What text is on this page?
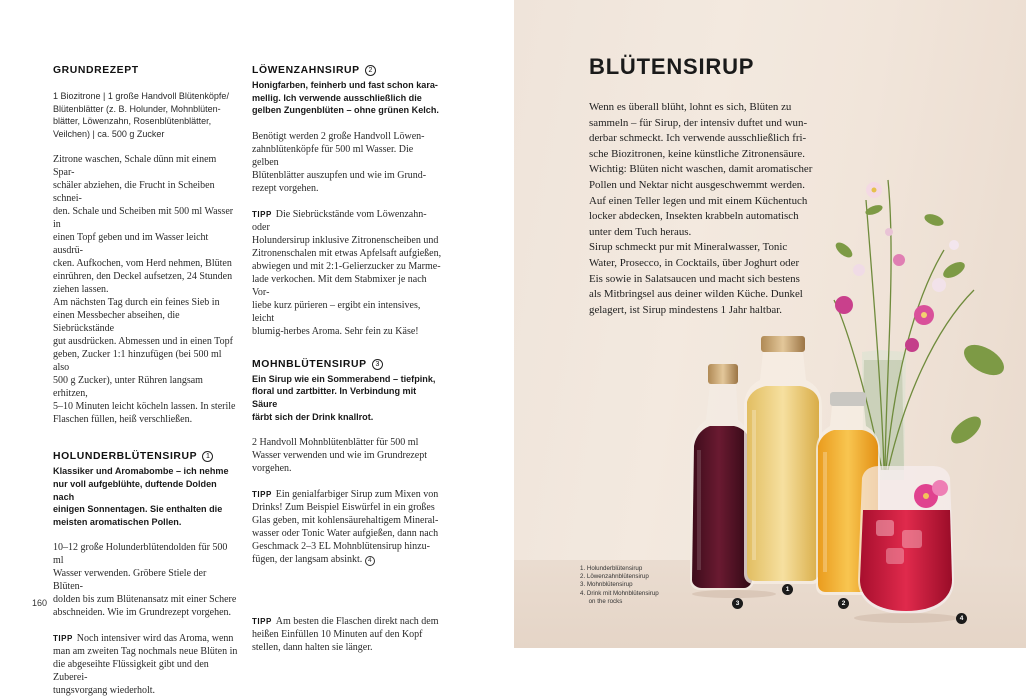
GRUNDREZEPT
1 Biozitrone | 1 große Handvoll Blütenköpfe/
Blütenblätter (z. B. Holunder, Mohnblüten-
blätter, Löwenzahn, Rosenblütenblätter,
Veilchen) | ca. 500 g Zucker
Zitrone waschen, Schale dünn mit einem Spar-
schäler abziehen, die Frucht in Scheiben schnei-
den. Schale und Scheiben mit 500 ml Wasser in
einen Topf geben und im Wasser leicht ausdrü-
cken. Aufkochen, vom Herd nehmen, Blüten
einrühren, den Deckel aufsetzen, 24 Stunden
ziehen lassen.
Am nächsten Tag durch ein feines Sieb in
einen Messbecher abseihen, die Siebrückstände
gut ausdrücken. Abmessen und in einen Topf
geben, Zucker 1:1 hinzufügen (bei 500 ml also
500 g Zucker), unter Rühren langsam erhitzen,
5–10 Minuten leicht köcheln lassen. In sterile
Flaschen füllen, heiß verschließen.
HOLUNDERBLÜTENSIRUP 1
Klassiker und Aromabombe – ich nehme
nur voll aufgeblühte, duftende Dolden nach
einigen Sonnentagen. Sie enthalten die
meisten aromatischen Pollen.
10–12 große Holunderblütendolden für 500 ml
Wasser verwenden. Gröbere Stiele der Blüten-
dolden bis zum Blütenansatz mit einer Schere
abschneiden. Wie im Grundrezept vorgehen.
TIPP Noch intensiver wird das Aroma, wenn
man am zweiten Tag nochmals neue Blüten in
die abgeseihte Flüssigkeit gibt und den Zuberei-
tungsvorgang wiederholt.
LÖWENZAHNSIRUP 2
Honigfarben, feinherb und fast schon kara-
mellig. Ich verwende ausschließlich die
gelben Zungenblüten – ohne grünen Kelch.
Benötigt werden 2 große Handvoll Löwen-
zahnblütenköpfe für 500 ml Wasser. Die gelben
Blütenblätter auszupfen und wie im Grund-
rezept vorgehen.
TIPP Die Siebrückstände vom Löwenzahn- oder
Holundersirup inklusive Zitronenscheiben und
Zitronenschalen mit etwas Apfelsaft aufgießen,
abwiegen und mit 2:1-Gelierzucker zu Marme-
lade verkochen. Mit dem Stabmixer je nach Vor-
liebe kurz pürieren – ergibt ein intensives, leicht
blumig-herbes Aroma. Sehr fein zu Käse!
MOHNBLÜTENSIRUP 3
Ein Sirup wie ein Sommerabend – tiefpink,
floral und zartbitter. In Verbindung mit Säure
färbt sich der Drink knallrot.
2 Handvoll Mohnblütenblätter für 500 ml
Wasser verwenden und wie im Grundrezept
vorgehen.
TIPP Ein genialfarbiger Sirup zum Mixen von
Drinks! Zum Beispiel Eiswürfel in ein großes
Glas geben, mit kohlensäurehaltigem Mineral-
wasser oder Tonic Water aufgießen, dann nach
Geschmack 2–3 EL Mohnblütensirup hinzu-
fügen, der langsam absinkt. 4
TIPP Am besten die Flaschen direkt nach dem
heißen Einfüllen 10 Minuten auf den Kopf
stellen, dann halten sie länger.
160	3
1
2
4
BLÜTENSIRUP
Wenn es überall blüht, lohnt es sich, Blüten zu
sammeln – für Sirup, der intensiv duftet und wun-
derbar schmeckt. Ich verwende ausschließlich fri-
sche Biozitronen, keine künstliche Zitronensäure.
Wichtig: Blüten nicht waschen, damit aromatischer
Pollen und Nektar nicht ausgeschwemmt werden.
Auf einen Teller legen und mit einem Küchentuch
locker abdecken, Insekten krabbeln automatisch
unter dem Tuch heraus.
Sirup schmeckt pur mit Mineralwasser, Tonic
Water, Prosecco, in Cocktails, über Joghurt oder
Eis sowie in Salatsaucen und macht sich bestens
als Mitbringsel aus deiner wilden Küche. Dunkel
gelagert, ist Sirup mindestens 1 Jahr haltbar.
1. Holunderblütensirup
2. Löwenzahnblütensirup
3. Mohnblütensirup
4. Drink mit Mohnblütensirup
on the rocks
